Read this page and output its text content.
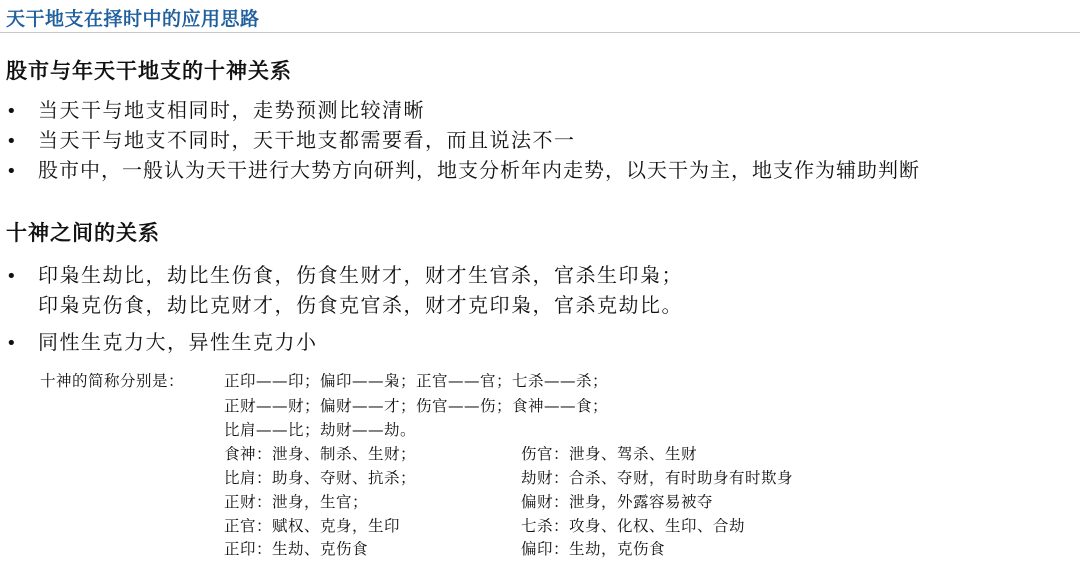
天干地支在择时中的应用思路
股市与年天干地支的十神关系
• 当天干与地支相同时，走势预测比较清晰
• 当天干与地支不同时，天干地支都需要看，而且说法不一
• 股市中，一般认为天干进行大势方向研判，地支分析年内走势，以天干为主，地支作为辅助判断
十神之间的关系
• 印枭生劫比，劫比生伤食，伤食生财才，财才生官杀，官杀生印枭；
印枭克伤食，劫比克财才，伤食克官杀，财才克印枭，官杀克劫比。
• 同性生克力大，异性生克力小
十神的简称分别是：	正印——印；偏印——枭；正官——官；七杀——杀；
正财——财；偏财——才；伤官——伤；食神——食；
比肩——比；劫财——劫。
食神：泄身、制杀、生财；	伤官：泄身、驾杀、生财
比肩：助身、夺财、抗杀；	劫财：合杀、夺财，有时助身有时欺身
正财：泄身，生官；	偏财：泄身，外露容易被夺
正官：赋权、克身，生印	七杀：攻身、化权、生印、合劫
正印：生劫、克伤食	偏印：生劫，克伤食
